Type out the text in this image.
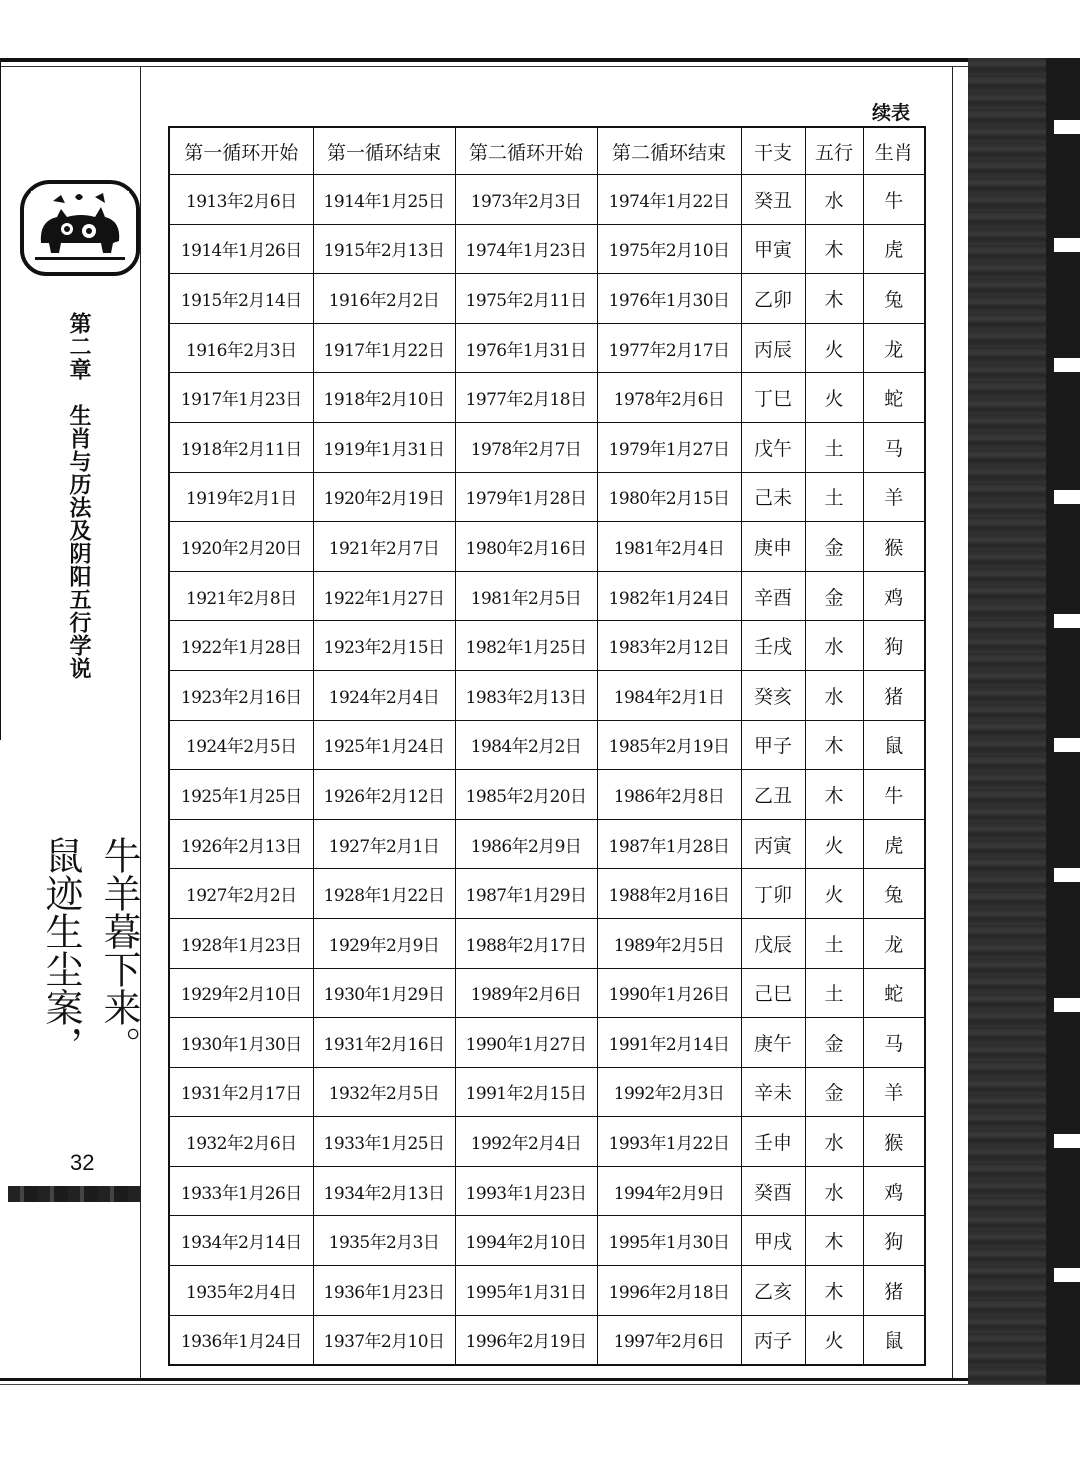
第二章　生肖与历法及阴阳五行学说
牛羊暮下来。
鼠迹生尘案，
32
续表
第一循环开始	第一循环结束	第二循环开始	第二循环结束	干支	五行	生肖
1913年2月6日	1914年1月25日	1973年2月3日	1974年1月22日	癸丑	水	牛
1914年1月26日	1915年2月13日	1974年1月23日	1975年2月10日	甲寅	木	虎
1915年2月14日	1916年2月2日	1975年2月11日	1976年1月30日	乙卯	木	兔
1916年2月3日	1917年1月22日	1976年1月31日	1977年2月17日	丙辰	火	龙
1917年1月23日	1918年2月10日	1977年2月18日	1978年2月6日	丁巳	火	蛇
1918年2月11日	1919年1月31日	1978年2月7日	1979年1月27日	戊午	土	马
1919年2月1日	1920年2月19日	1979年1月28日	1980年2月15日	己未	土	羊
1920年2月20日	1921年2月7日	1980年2月16日	1981年2月4日	庚申	金	猴
1921年2月8日	1922年1月27日	1981年2月5日	1982年1月24日	辛酉	金	鸡
1922年1月28日	1923年2月15日	1982年1月25日	1983年2月12日	壬戌	水	狗
1923年2月16日	1924年2月4日	1983年2月13日	1984年2月1日	癸亥	水	猪
1924年2月5日	1925年1月24日	1984年2月2日	1985年2月19日	甲子	木	鼠
1925年1月25日	1926年2月12日	1985年2月20日	1986年2月8日	乙丑	木	牛
1926年2月13日	1927年2月1日	1986年2月9日	1987年1月28日	丙寅	火	虎
1927年2月2日	1928年1月22日	1987年1月29日	1988年2月16日	丁卯	火	兔
1928年1月23日	1929年2月9日	1988年2月17日	1989年2月5日	戊辰	土	龙
1929年2月10日	1930年1月29日	1989年2月6日	1990年1月26日	己巳	土	蛇
1930年1月30日	1931年2月16日	1990年1月27日	1991年2月14日	庚午	金	马
1931年2月17日	1932年2月5日	1991年2月15日	1992年2月3日	辛未	金	羊
1932年2月6日	1933年1月25日	1992年2月4日	1993年1月22日	壬申	水	猴
1933年1月26日	1934年2月13日	1993年1月23日	1994年2月9日	癸酉	水	鸡
1934年2月14日	1935年2月3日	1994年2月10日	1995年1月30日	甲戌	木	狗
1935年2月4日	1936年1月23日	1995年1月31日	1996年2月18日	乙亥	木	猪
1936年1月24日	1937年2月10日	1996年2月19日	1997年2月6日	丙子	火	鼠
